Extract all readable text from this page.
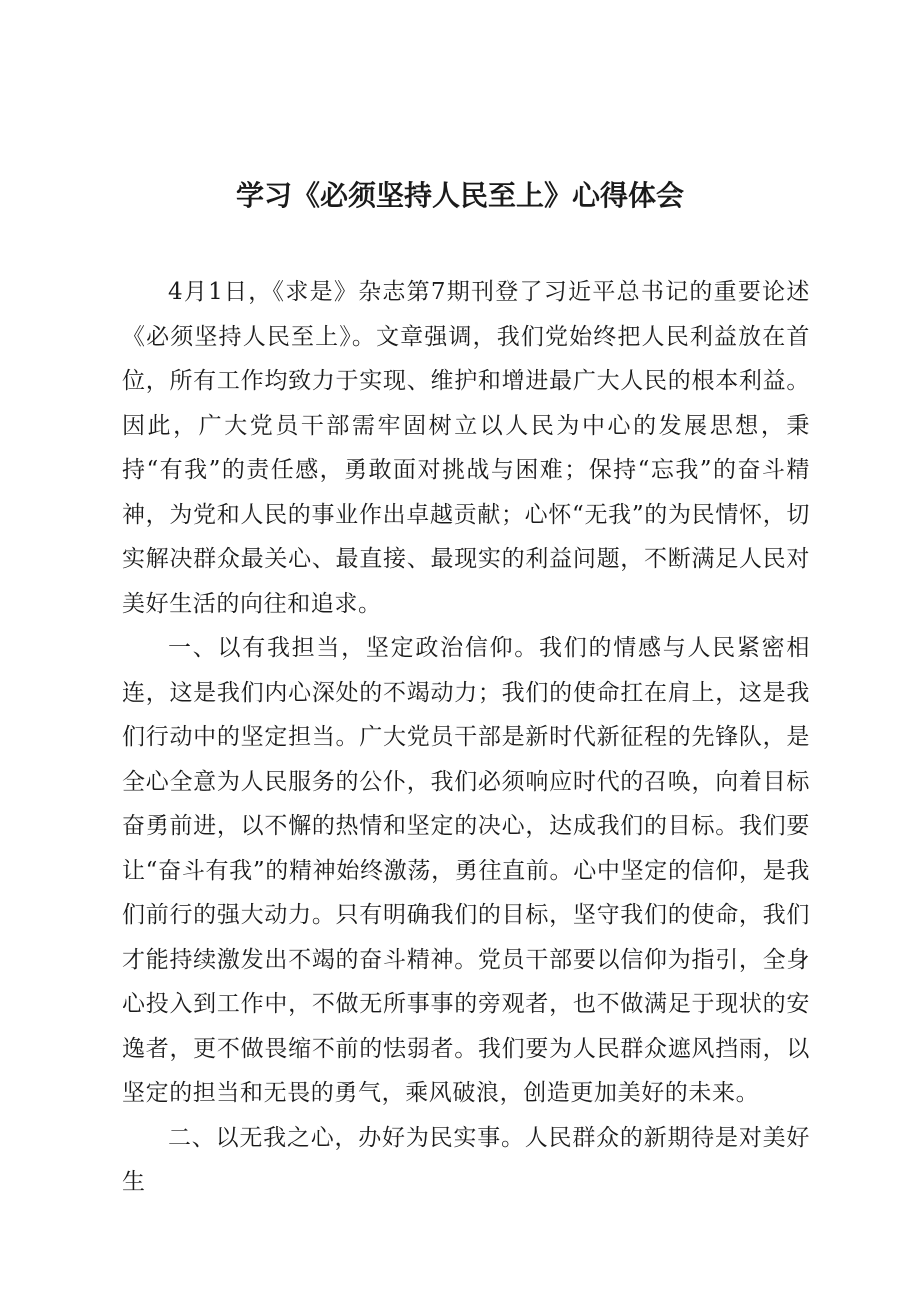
学习《必须坚持人民至上》心得体会

4月1日，《求是》杂志第7期刊登了习近平总书记的重要论述《必须坚持人民至上》。文章强调，我们党始终把人民利益放在首位，所有工作均致力于实现、维护和增进最广大人民的根本利益。因此，广大党员干部需牢固树立以人民为中心的发展思想，秉持“有我”的责任感，勇敢面对挑战与困难；保持“忘我”的奋斗精神，为党和人民的事业作出卓越贡献；心怀“无我”的为民情怀，切实解决群众最关心、最直接、最现实的利益问题，不断满足人民对美好生活的向往和追求。

一、以有我担当，坚定政治信仰。我们的情感与人民紧密相连，这是我们内心深处的不竭动力；我们的使命扛在肩上，这是我们行动中的坚定担当。广大党员干部是新时代新征程的先锋队，是全心全意为人民服务的公仆，我们必须响应时代的召唤，向着目标奋勇前进，以不懈的热情和坚定的决心，达成我们的目标。我们要让“奋斗有我”的精神始终激荡，勇往直前。心中坚定的信仰，是我们前行的强大动力。只有明确我们的目标，坚守我们的使命，我们才能持续激发出不竭的奋斗精神。党员干部要以信仰为指引，全身心投入到工作中，不做无所事事的旁观者，也不做满足于现状的安逸者，更不做畏缩不前的怯弱者。我们要为人民群众遮风挡雨，以坚定的担当和无畏的勇气，乘风破浪，创造更加美好的未来。

二、以无我之心，办好为民实事。人民群众的新期待是对美好生
